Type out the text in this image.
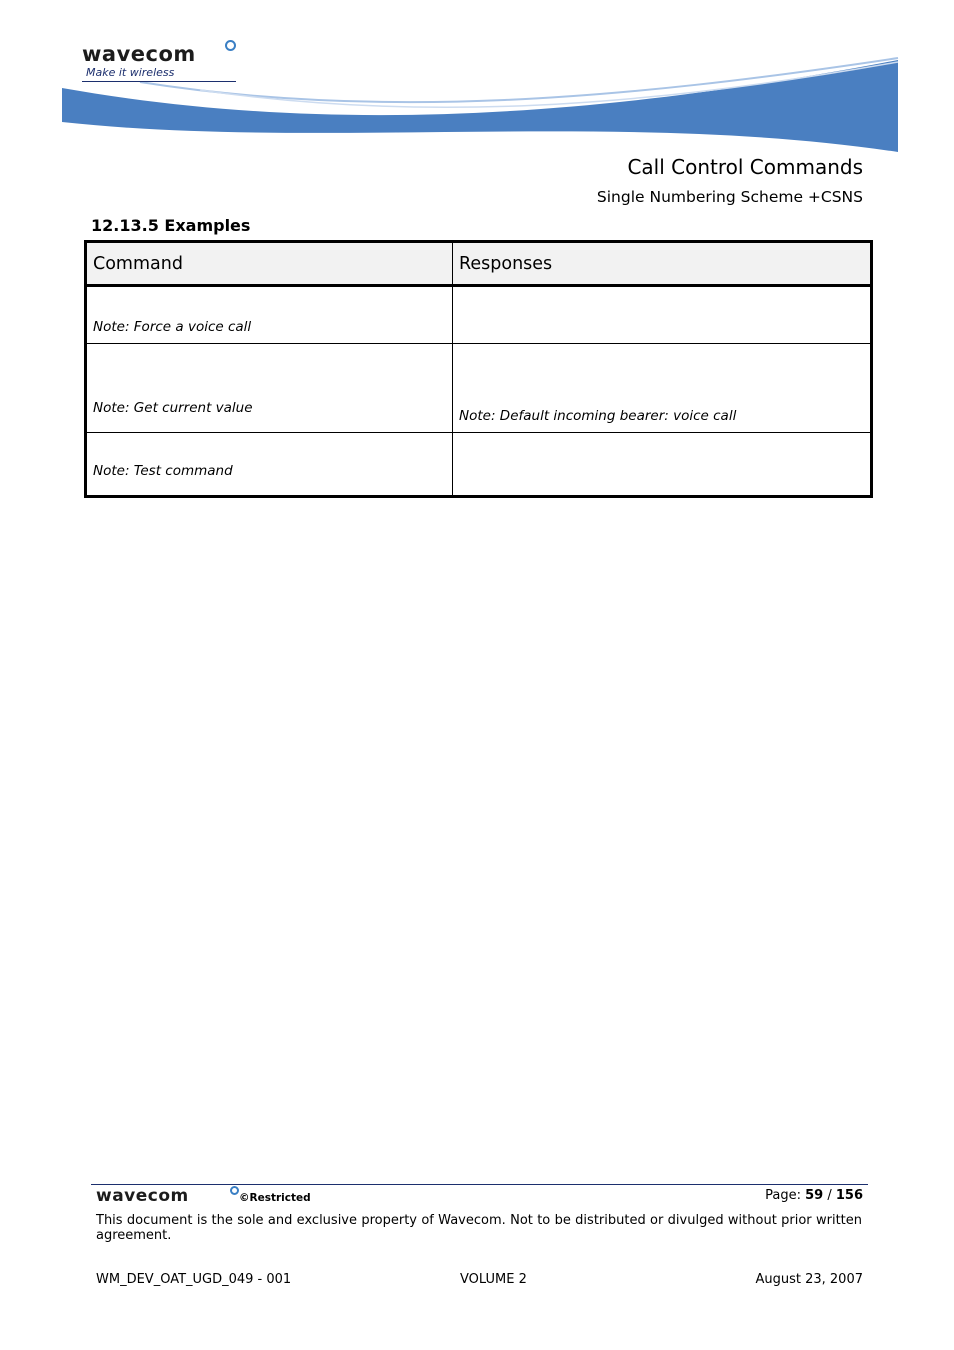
wavecom
Make it wireless
Call Control Commands
Single Numbering Scheme +CSNS
12.13.5 Examples
Command	Responses

Note: Force a voice call	

Note: Get current value	Note: Default incoming bearer: voice call

Note: Test command	

wavecom	©Restricted	Page: 59 / 156
This document is the sole and exclusive property of Wavecom. Not to be distributed or divulged without prior written agreement.
WM_DEV_OAT_UGD_049 - 001	VOLUME 2	August 23, 2007
